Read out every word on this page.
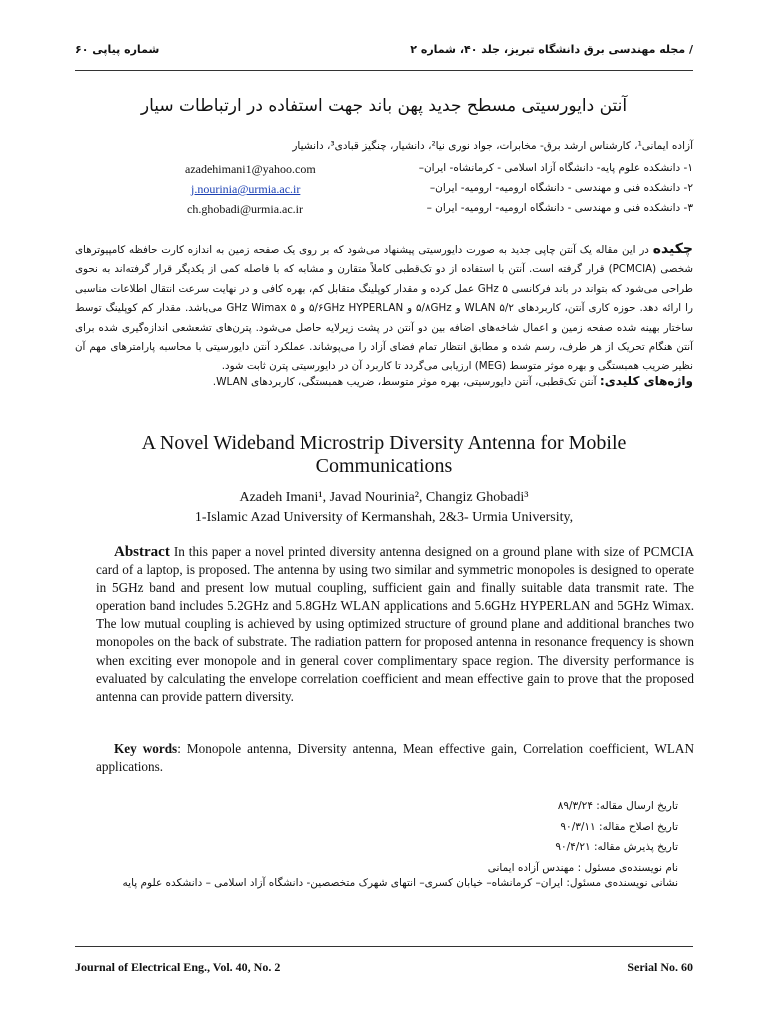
/ مجله مهندسی برق دانشگاه تبریز، جلد ۴۰، شماره ۲
شماره پیاپی ۶۰
آنتن دایورسیتی مسطح جدید پهن باند جهت استفاده در ارتباطات سیار
آزاده ایمانی¹، کارشناس ارشد برق- مخابرات، جواد نوری نیا²، دانشیار، چنگیز قبادی³، دانشیار
۱- دانشکده علوم پایه- دانشگاه آزاد اسلامی - کرمانشاه- ایران–
azadehimani1@yahoo.com
۲- دانشکده فنی و مهندسی - دانشگاه ارومیه- ارومیه- ایران–
j.nourinia@urmia.ac.ir
۳- دانشکده فنی و مهندسی - دانشگاه ارومیه- ارومیه- ایران –
ch.ghobadi@urmia.ac.ir
چکیده در این مقاله یک آنتن چاپی جدید به صورت دایورسیتی پیشنهاد می‌شود که بر روی یک صفحه زمین به اندازه کارت حافظه کامپیوترهای شخصی (PCMCIA) قرار گرفته است. آنتن با استفاده از دو تک‌قطبی کاملاً متقارن و مشابه که با فاصله کمی از یکدیگر قرار گرفته‌اند به نحوی طراحی می‌شود که بتواند در باند فرکانسی ۵ GHz عمل کرده و مقدار کوپلینگ متقابل کم، بهره کافی و در نهایت سرعت انتقال اطلاعات مناسبی را ارائه دهد. حوزه کاری آنتن، کاربردهای WLAN ۵/۲ و ۵/۸GHz و ۵/۶GHz HYPERLAN و ۵ GHz Wimax می‌باشد. مقدار کم کوپلینگ توسط ساختار بهینه شده صفحه زمین و اعمال شاخه‌های اضافه بین دو آنتن در پشت زیرلایه حاصل می‌شود. پترن‌های تشعشعی اندازه‌گیری شده برای آنتن هنگام تحریک از هر طرف، رسم شده و مطابق انتظار تمام فضای آزاد را می‌پوشاند. عملکرد آنتن دایورسیتی با محاسبه پارامترهای مهم آن نظیر ضریب همبستگی و بهره موثر متوسط (MEG) ارزیابی می‌گردد تا کاربرد آن در دایورسیتی پترن ثابت شود.
واژه‌های کلیدی: آنتن تک‌قطبی، آنتن دایورسیتی، بهره موثر متوسط، ضریب همبستگی، کاربردهای WLAN.
A Novel Wideband Microstrip Diversity Antenna for Mobile Communications
Azadeh Imani¹, Javad Nourinia², Changiz Ghobadi³
1-Islamic Azad University of Kermanshah, 2&3- Urmia University,
Abstract In this paper a novel printed diversity antenna designed on a ground plane with size of PCMCIA card of a laptop, is proposed. The antenna by using two similar and symmetric monopoles is designed to operate in 5GHz band and present low mutual coupling, sufficient gain and finally suitable data transmit rate. The operation band includes 5.2GHz and 5.8GHz WLAN applications and 5.6GHz HYPERLAN and 5GHz Wimax. The low mutual coupling is achieved by using optimized structure of ground plane and additional branches two monopoles on the back of substrate. The radiation pattern for proposed antenna in resonance frequency is shown when exciting ever monopole and in general cover complimentary space region. The diversity performance is evaluated by calculating the envelope correlation coefficient and mean effective gain to prove that the proposed antenna can provide pattern diversity.
Key words: Monopole antenna, Diversity antenna, Mean effective gain, Correlation coefficient, WLAN applications.
تاریخ ارسال مقاله: ۸۹/۳/۲۴
تاریخ اصلاح مقاله: ۹۰/۳/۱۱
تاریخ پذیرش مقاله: ۹۰/۴/۲۱
نام نویسنده‌ی مسئول : مهندس آزاده ایمانی
نشانی نویسنده‌ی مسئول: ایران– کرمانشاه– خیابان کسری– انتهای شهرک متخصصین- دانشگاه آزاد اسلامی – دانشکده علوم پایه
Journal of Electrical Eng., Vol. 40, No. 2	Serial No. 60
